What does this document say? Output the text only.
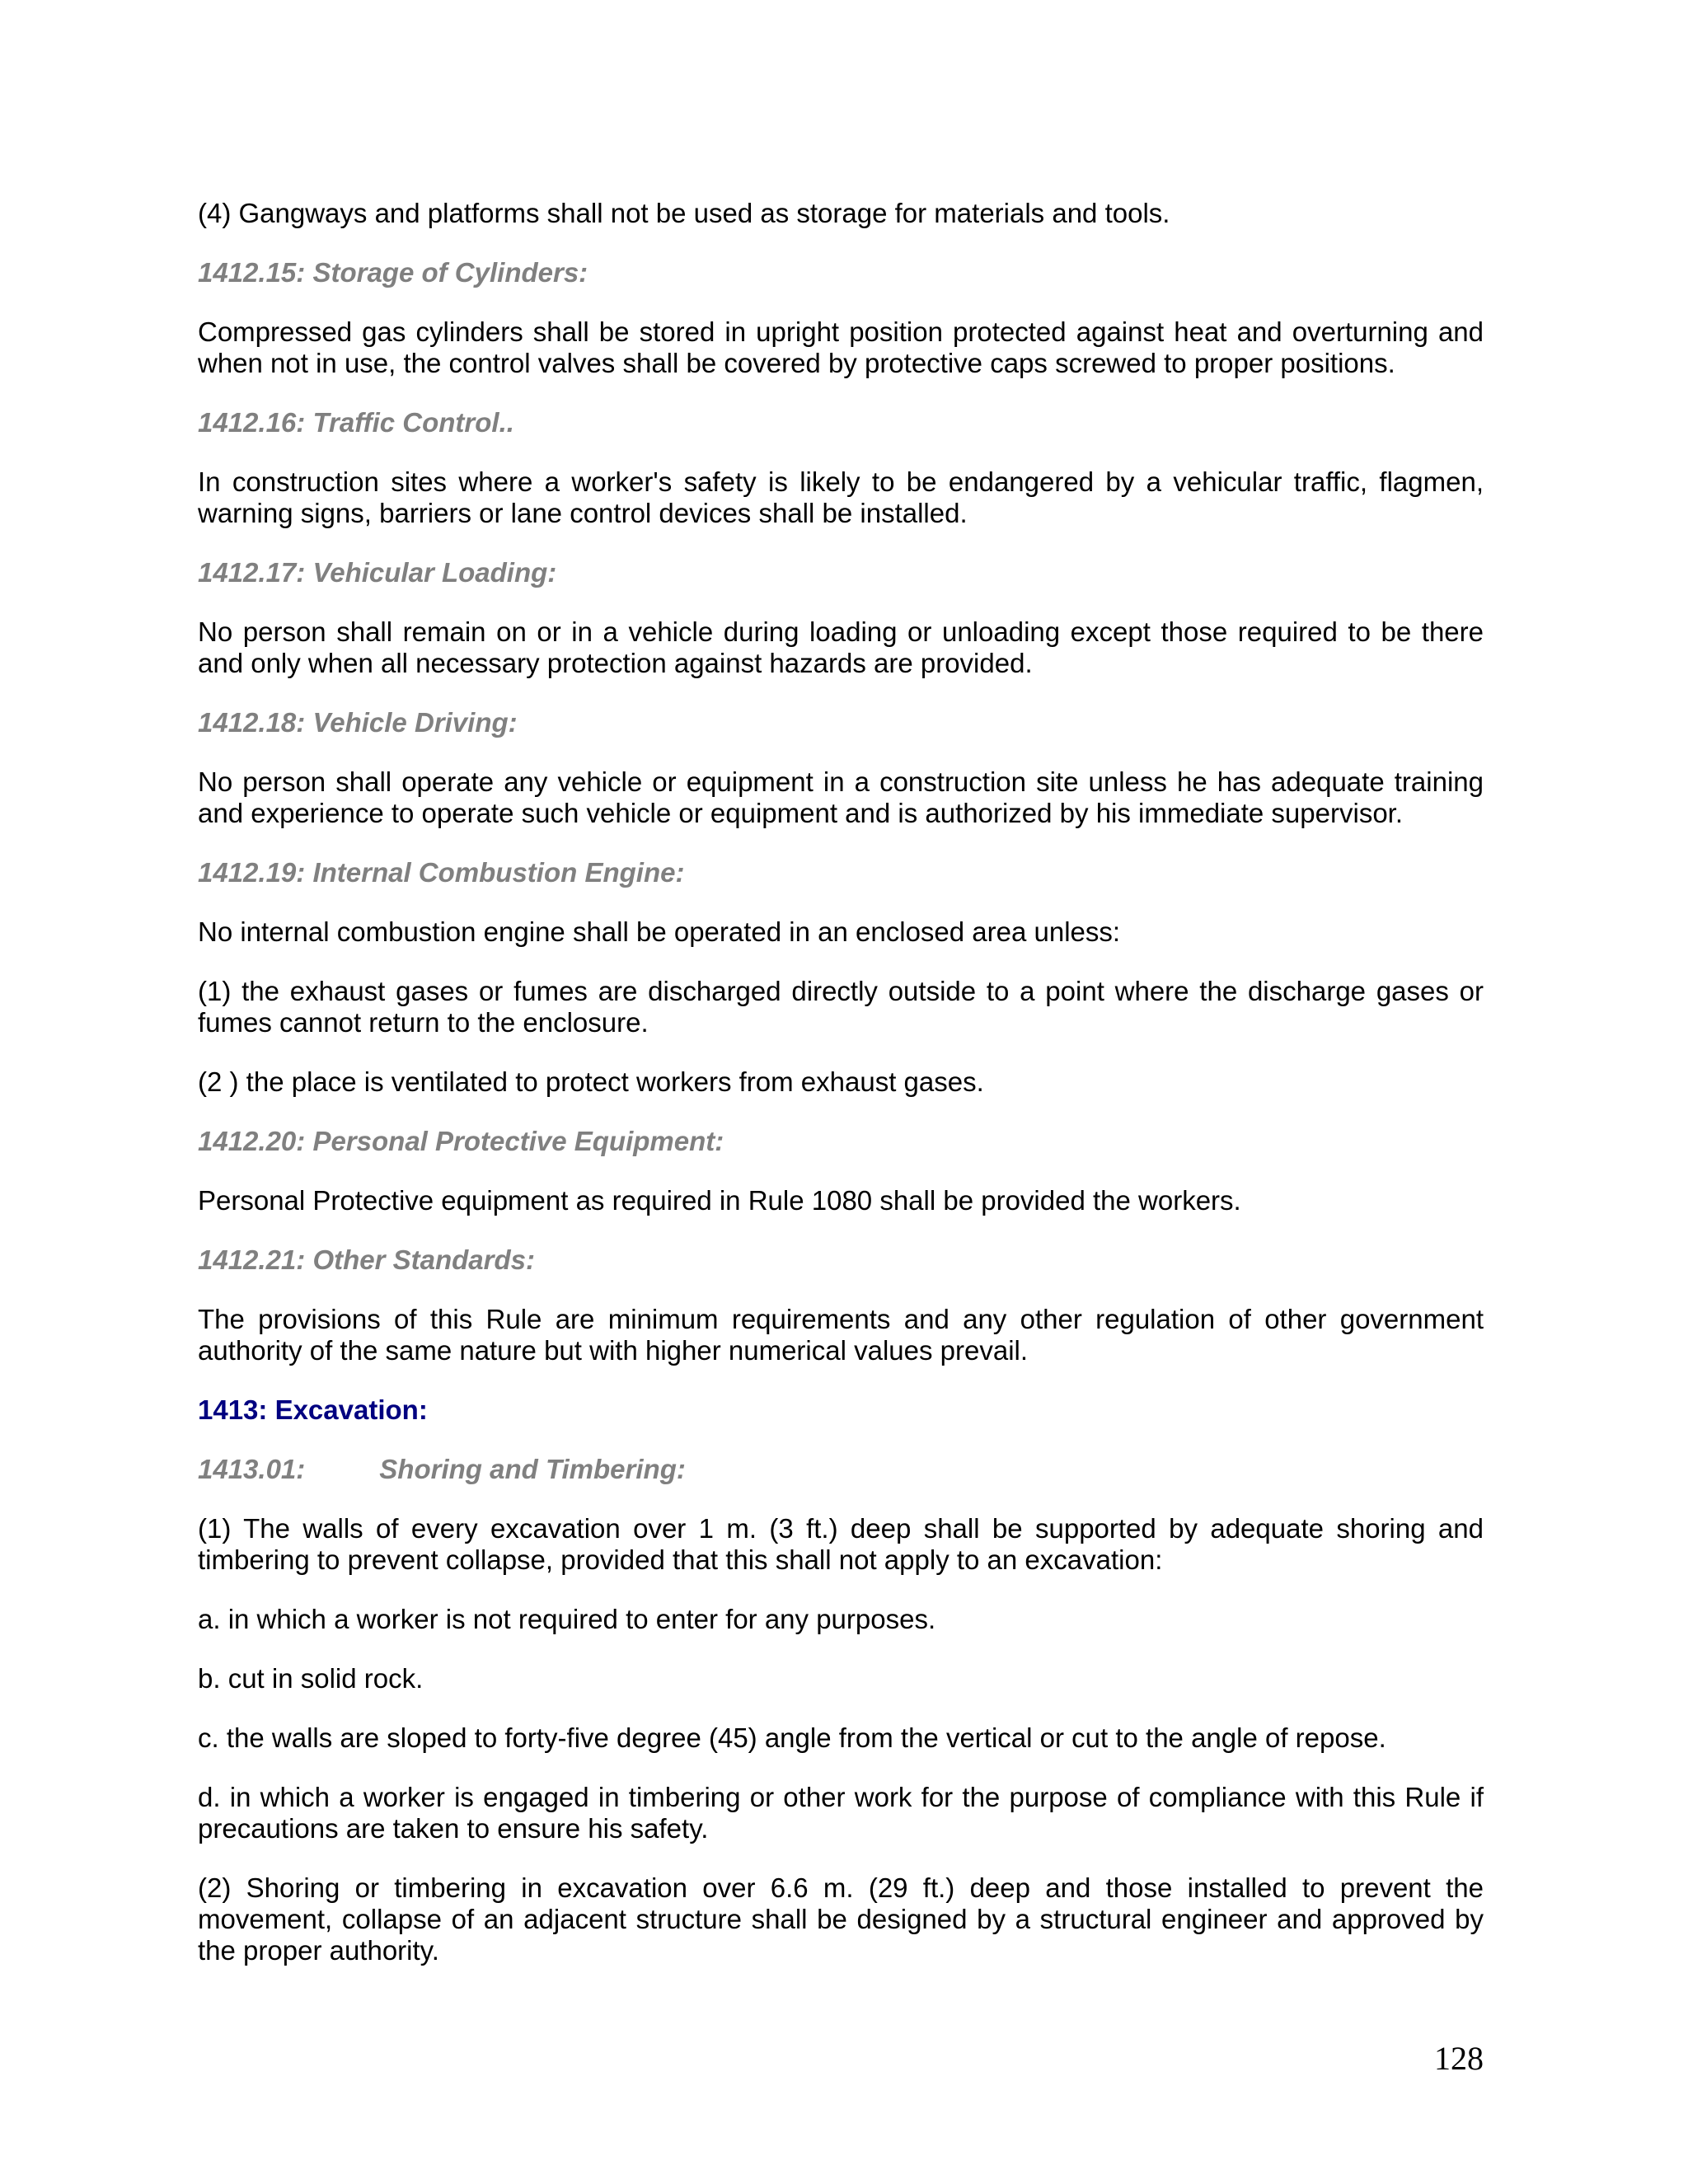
(4) Gangways and platforms shall not be used as storage for materials and tools.

1412.15: Storage of Cylinders:

Compressed gas cylinders shall be stored in upright position protected against heat and overturning and when not in use, the control valves shall be covered by protective caps screwed to proper positions.

1412.16: Traffic Control..

In construction sites where a worker's safety is likely to be endangered by a vehicular traffic, flagmen, warning signs, barriers or lane control devices shall be installed.

1412.17: Vehicular Loading:

No person shall remain on or in a vehicle during loading or unloading except those required to be there and only when all necessary protection against hazards are provided.

1412.18: Vehicle Driving:

No person shall operate any vehicle or equipment in a construction site unless he has adequate training and experience to operate such vehicle or equipment and is authorized by his immediate supervisor.

1412.19: Internal Combustion Engine:

No internal combustion engine shall be operated in an enclosed area unless:

(1) the exhaust gases or fumes are discharged directly outside to a point where the discharge gases or fumes cannot return to the enclosure.

(2 ) the place is ventilated to protect workers from exhaust gases.

1412.20: Personal Protective Equipment:

Personal Protective equipment as required in Rule 1080 shall be provided the workers.

1412.21: Other Standards:

The provisions of this Rule are minimum requirements and any other regulation of other government authority of the same nature but with higher numerical values prevail.

1413: Excavation:

1413.01:	Shoring and Timbering:

(1) The walls of every excavation over 1 m. (3 ft.) deep shall be supported by adequate shoring and timbering to prevent collapse, provided that this shall not apply to an excavation:

a. in which a worker is not required to enter for any purposes.

b. cut in solid rock.

c. the walls are sloped to forty-five degree (45) angle from the vertical or cut to the angle of repose.

d. in which a worker is engaged in timbering or other work for the purpose of compliance with this Rule if precautions are taken to ensure his safety.

(2) Shoring or timbering in excavation over 6.6 m. (29 ft.) deep and those installed to prevent the movement, collapse of an adjacent structure shall be designed by a structural engineer and approved by the proper authority.

128
